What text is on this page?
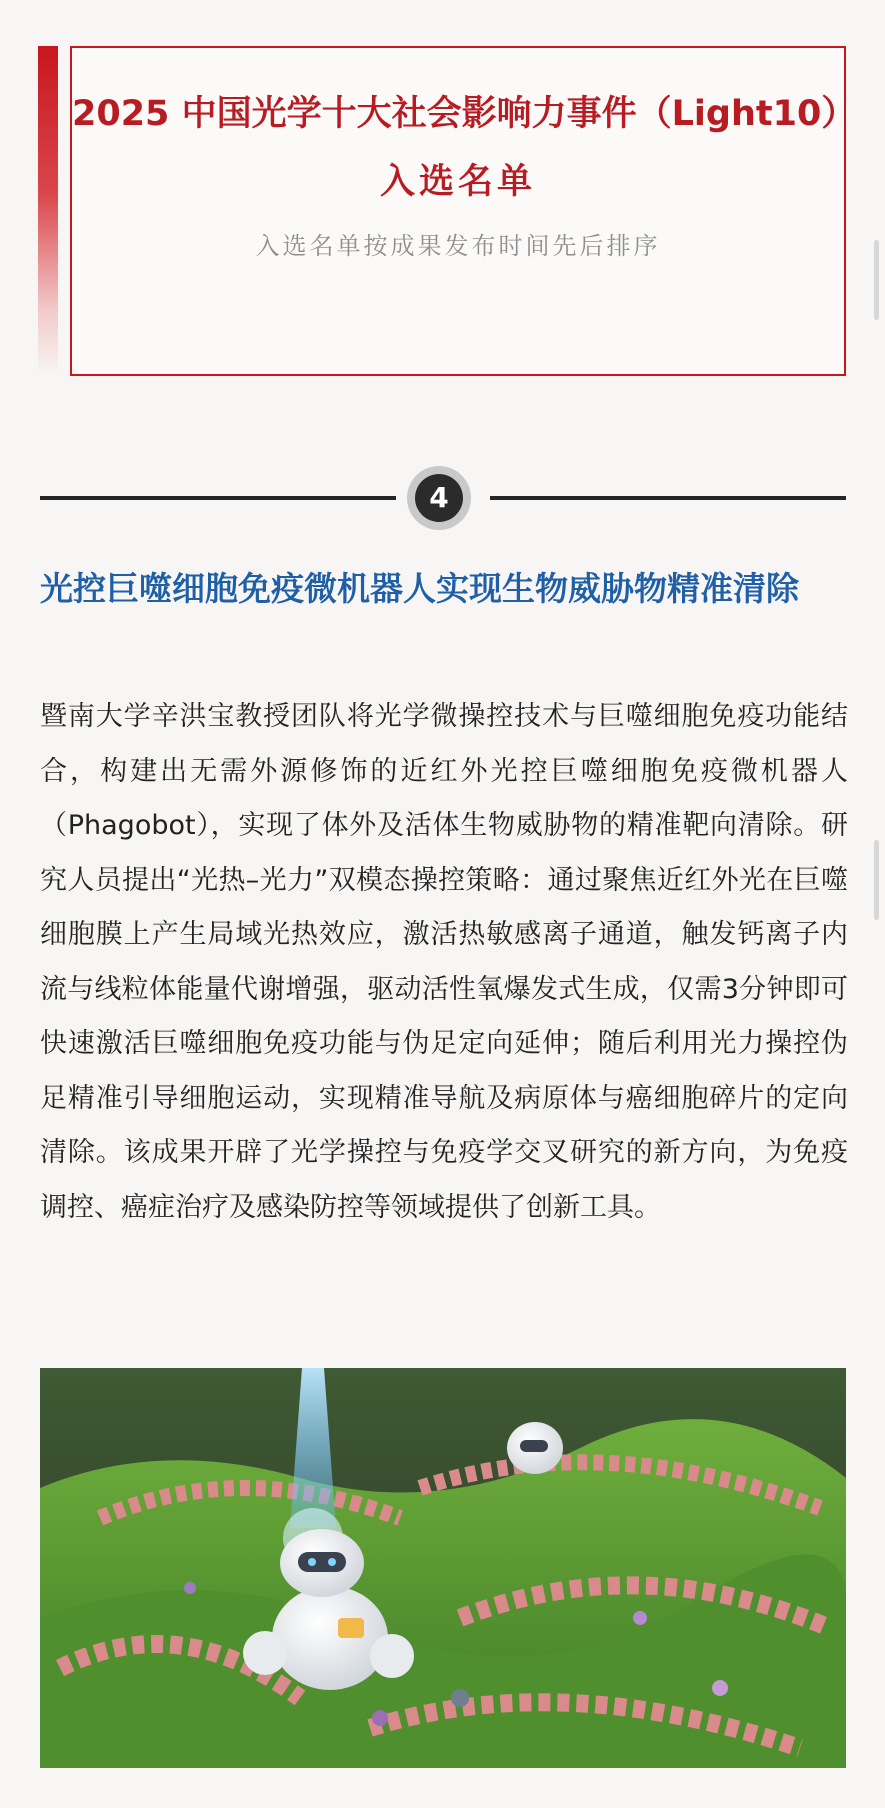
2025 中国光学十大社会影响力事件（Light10）
入选名单
入选名单按成果发布时间先后排序
4
光控巨噬细胞免疫微机器人实现生物威胁物精准清除

暨南大学辛洪宝教授团队将光学微操控技术与巨噬细胞免疫功能结合，构建出无需外源修饰的近红外光控巨噬细胞免疫微机器人（Phagobot），实现了体外及活体生物威胁物的精准靶向清除。研究人员提出“光热–光力”双模态操控策略：通过聚焦近红外光在巨噬细胞膜上产生局域光热效应，激活热敏感离子通道，触发钙离子内流与线粒体能量代谢增强，驱动活性氧爆发式生成，仅需3分钟即可快速激活巨噬细胞免疫功能与伪足定向延伸；随后利用光力操控伪足精准引导细胞运动，实现精准导航及病原体与癌细胞碎片的定向清除。该成果开辟了光学操控与免疫学交叉研究的新方向，为免疫调控、癌症治疗及感染防控等领域提供了创新工具。
